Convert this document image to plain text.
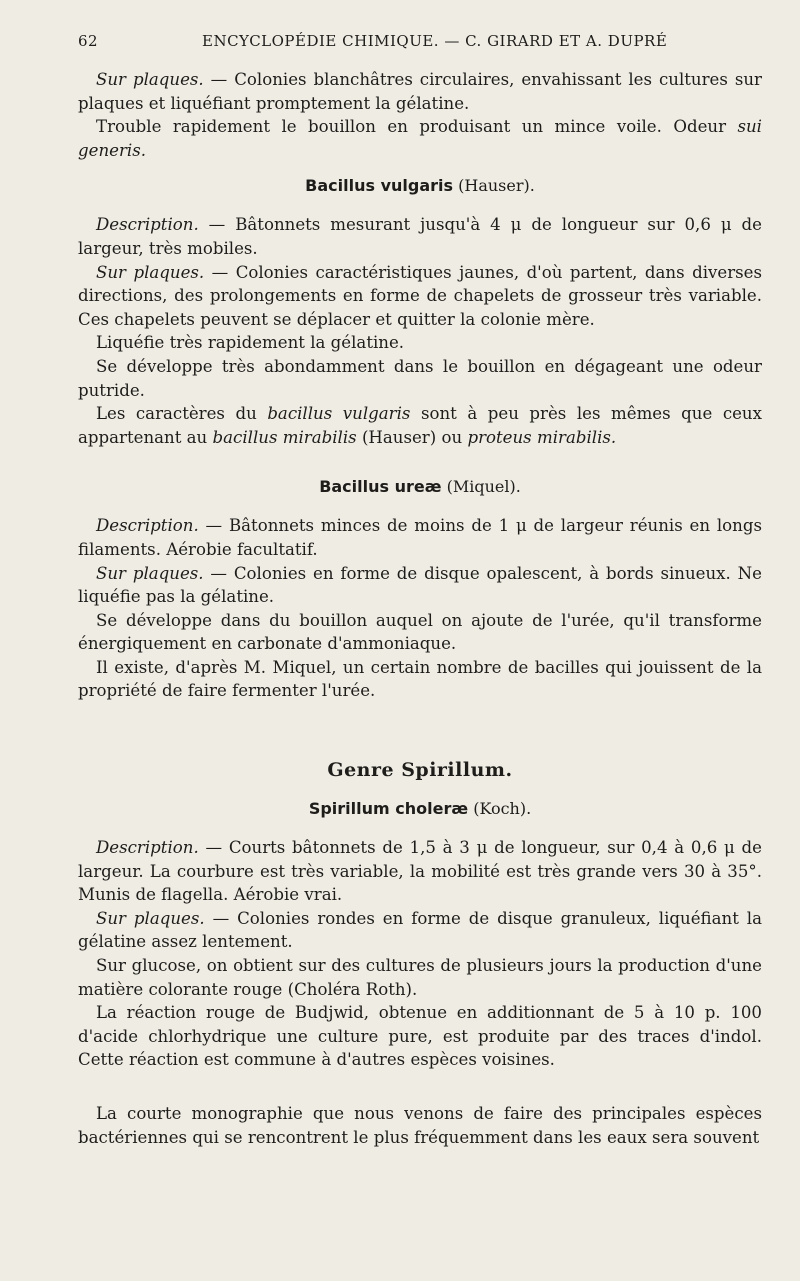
62	ENCYCLOPÉDIE CHIMIQUE. — C. GIRARD ET A. DUPRÉ

Sur plaques. — Colonies blanchâtres circulaires, envahissant les cultures sur plaques et liquéfiant promptement la gélatine.

Trouble rapidement le bouillon en produisant un mince voile. Odeur sui generis.

Bacillus vulgaris (Hauser).

Description. — Bâtonnets mesurant jusqu'à 4 μ de longueur sur 0,6 μ de largeur, très mobiles.

Sur plaques. — Colonies caractéristiques jaunes, d'où partent, dans diverses directions, des prolongements en forme de chapelets de grosseur très variable. Ces chapelets peuvent se déplacer et quitter la colonie mère.

Liquéfie très rapidement la gélatine.

Se développe très abondamment dans le bouillon en dégageant une odeur putride.

Les caractères du bacillus vulgaris sont à peu près les mêmes que ceux appartenant au bacillus mirabilis (Hauser) ou proteus mirabilis.

Bacillus ureæ (Miquel).

Description. — Bâtonnets minces de moins de 1 μ de largeur réunis en longs filaments. Aérobie facultatif.

Sur plaques. — Colonies en forme de disque opalescent, à bords sinueux. Ne liquéfie pas la gélatine.

Se développe dans du bouillon auquel on ajoute de l'urée, qu'il transforme énergiquement en carbonate d'ammoniaque.

Il existe, d'après M. Miquel, un certain nombre de bacilles qui jouissent de la propriété de faire fermenter l'urée.

Genre Spirillum.
Spirillum choleræ (Koch).

Description. — Courts bâtonnets de 1,5 à 3 μ de longueur, sur 0,4 à 0,6 μ de largeur. La courbure est très variable, la mobilité est très grande vers 30 à 35°. Munis de flagella. Aérobie vrai.

Sur plaques. — Colonies rondes en forme de disque granuleux, liquéfiant la gélatine assez lentement.

Sur glucose, on obtient sur des cultures de plusieurs jours la production d'une matière colorante rouge (Choléra Roth).

La réaction rouge de Budjwid, obtenue en additionnant de 5 à 10 p. 100 d'acide chlorhydrique une culture pure, est produite par des traces d'indol. Cette réaction est commune à d'autres espèces voisines.

La courte monographie que nous venons de faire des principales espèces bactériennes qui se rencontrent le plus fréquemment dans les eaux sera souvent
